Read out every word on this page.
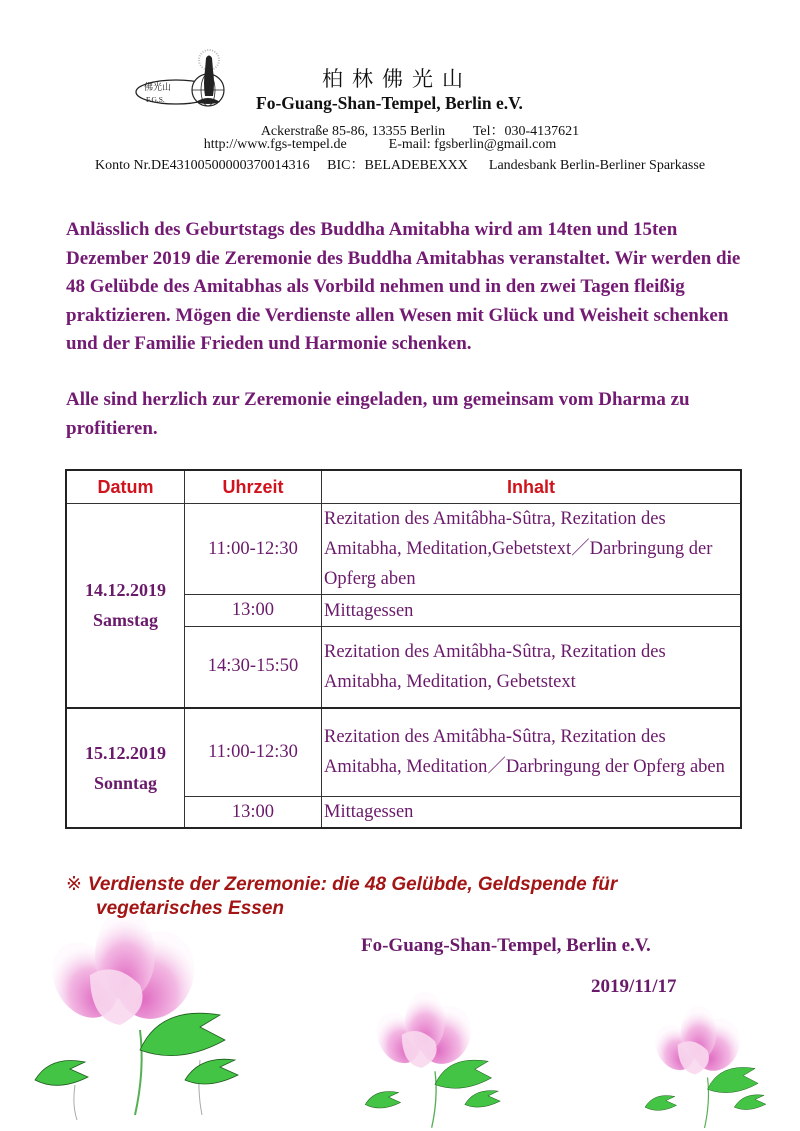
佛光山
F.G.S.
柏林佛光山
Fo-Guang-Shan-Tempel, Berlin e.V.
Ackerstraße 85-86, 13355 Berlin        Tel：030-4137621
http://www.fgs-tempel.de            E-mail: fgsberlin@gmail.com
Konto Nr.DE43100500000370014316     BIC：BELADEBEXXX      Landesbank Berlin-Berliner Sparkasse
Anlässlich des Geburtstags des Buddha Amitabha wird am 14ten und 15ten Dezember 2019 die Zeremonie des Buddha Amitabhas veranstaltet. Wir werden die 48 Gelübde des Amitabhas als Vorbild nehmen und in den zwei Tagen fleißig praktizieren. Mögen die Verdienste allen Wesen mit Glück und Weisheit schenken und der Familie Frieden und Harmonie schenken.
Alle sind herzlich zur Zeremonie eingeladen, um gemeinsam vom Dharma zu profitieren.
Datum	Uhrzeit	Inhalt

14.12.2019
Samstag	11:00-12:30	Rezitation des Amitâbha-Sûtra, Rezitation des Amitabha, Meditation,Gebetstext／Darbringung der Opferg aben
	13:00	Mittagessen
	14:30-15:50	Rezitation des Amitâbha-Sûtra, Rezitation des Amitabha, Meditation, Gebetstext

15.12.2019
Sonntag	11:00-12:30	Rezitation des Amitâbha-Sûtra, Rezitation des Amitabha, Meditation／Darbringung der Opferg aben
	13:00	Mittagessen
※ Verdienste der Zeremonie: die 48 Gelübde, Geldspende für
vegetarisches Essen
Fo-Guang-Shan-Tempel, Berlin e.V.
2019/11/17
